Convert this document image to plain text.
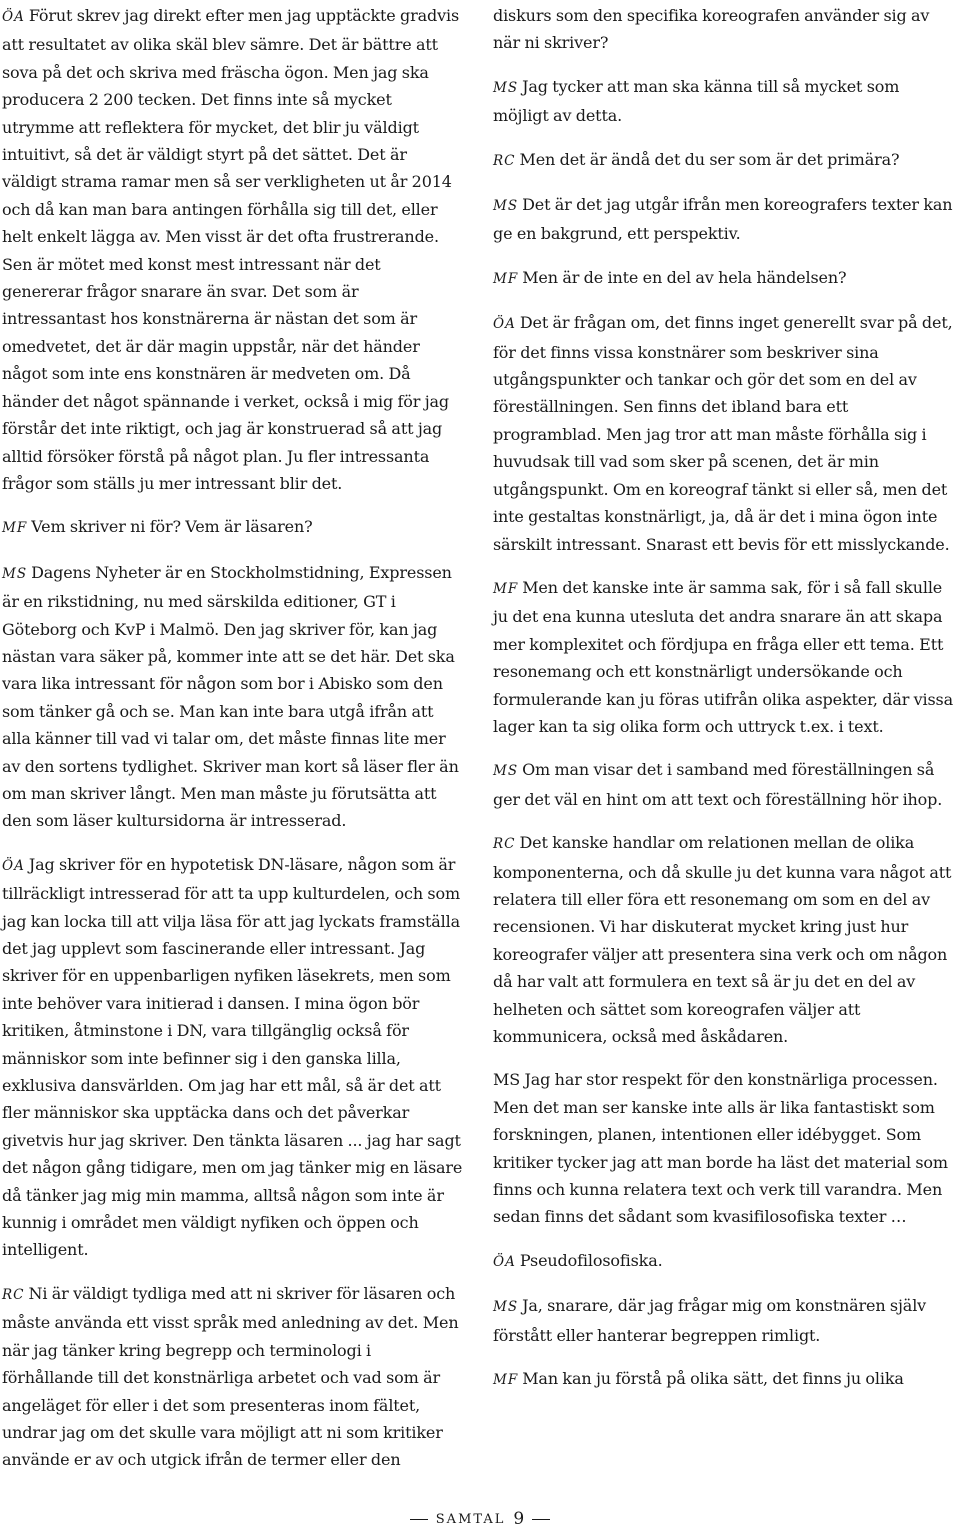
ÖA Förut skrev jag direkt efter men jag upptäckte gradvis att resultatet av olika skäl blev sämre. Det är bättre att sova på det och skriva med fräscha ögon. Men jag ska producera 2 200 tecken. Det finns inte så mycket utrymme att reflektera för mycket, det blir ju väldigt intuitivt, så det är väldigt styrt på det sättet. Det är väldigt strama ramar men så ser verkligheten ut år 2014 och då kan man bara antingen förhålla sig till det, eller helt enkelt lägga av. Men visst är det ofta frustrerande. Sen är mötet med konst mest intressant när det genererar frågor snarare än svar. Det som är intressantast hos konstnärerna är nästan det som är omedvetet, det är där magin uppstår, när det händer något som inte ens konstnären är medveten om. Då händer det något spännande i verket, också i mig för jag förstår det inte riktigt, och jag är konstruerad så att jag alltid försöker förstå på något plan. Ju fler intressanta frågor som ställs ju mer intressant blir det.

MF Vem skriver ni för? Vem är läsaren?

MS Dagens Nyheter är en Stockholmstidning, Expressen är en rikstidning, nu med särskilda editioner, GT i Göteborg och KvP i Malmö. Den jag skriver för, kan jag nästan vara säker på, kommer inte att se det här. Det ska vara lika intressant för någon som bor i Abisko som den som tänker gå och se. Man kan inte bara utgå ifrån att alla känner till vad vi talar om, det måste finnas lite mer av den sortens tydlighet. Skriver man kort så läser fler än om man skriver långt. Men man måste ju förutsätta att den som läser kultursidorna är intresserad.

ÖA Jag skriver för en hypotetisk DN-läsare, någon som är tillräckligt intresserad för att ta upp kulturdelen, och som jag kan locka till att vilja läsa för att jag lyckats framställa det jag upplevt som fascinerande eller intressant. Jag skriver för en uppenbarligen nyfiken läsekrets, men som inte behöver vara initierad i dansen. I mina ögon bör kritiken, åtminstone i DN, vara tillgänglig också för människor som inte befinner sig i den ganska lilla, exklusiva dansvärlden. Om jag har ett mål, så är det att fler människor ska upptäcka dans och det påverkar givetvis hur jag skriver. Den tänkta läsaren ... jag har sagt det någon gång tidigare, men om jag tänker mig en läsare då tänker jag mig min mamma, alltså någon som inte är kunnig i området men väldigt nyfiken och öppen och intelligent.

RC Ni är väldigt tydliga med att ni skriver för läsaren och måste använda ett visst språk med anledning av det. Men när jag tänker kring begrepp och terminologi i förhållande till det konstnärliga arbetet och vad som är angeläget för eller i det som presenteras inom fältet, undrar jag om det skulle vara möjligt att ni som kritiker använde er av och utgick ifrån de termer eller den

diskurs som den specifika koreografen använder sig av när ni skriver?

MS Jag tycker att man ska känna till så mycket som möjligt av detta.

RC Men det är ändå det du ser som är det primära?

MS Det är det jag utgår ifrån men koreografers texter kan ge en bakgrund, ett perspektiv.

MF Men är de inte en del av hela händelsen?

ÖA Det är frågan om, det finns inget generellt svar på det, för det finns vissa konstnärer som beskriver sina utgångspunkter och tankar och gör det som en del av föreställningen. Sen finns det ibland bara ett programblad. Men jag tror att man måste förhålla sig i huvudsak till vad som sker på scenen, det är min utgångspunkt. Om en koreograf tänkt si eller så, men det inte gestaltas konstnärligt, ja, då är det i mina ögon inte särskilt intressant. Snarast ett bevis för ett misslyckande.

MF Men det kanske inte är samma sak, för i så fall skulle ju det ena kunna utesluta det andra snarare än att skapa mer komplexitet och fördjupa en fråga eller ett tema. Ett resonemang och ett konstnärligt undersökande och formulerande kan ju föras utifrån olika aspekter, där vissa lager kan ta sig olika form och uttryck t.ex. i text.

MS Om man visar det i samband med föreställningen så ger det väl en hint om att text och föreställning hör ihop.

RC Det kanske handlar om relationen mellan de olika komponenterna, och då skulle ju det kunna vara något att relatera till eller föra ett resonemang om som en del av recensionen. Vi har diskuterat mycket kring just hur koreografer väljer att presentera sina verk och om någon då har valt att formulera en text så är ju det en del av helheten och sättet som koreografen väljer att kommunicera, också med åskådaren.

MS Jag har stor respekt för den konstnärliga processen. Men det man ser kanske inte alls är lika fantastiskt som forskningen, planen, intentionen eller idébygget. Som kritiker tycker jag att man borde ha läst det material som finns och kunna relatera text och verk till varandra. Men sedan finns det sådant som kvasifilosofiska texter …

ÖA Pseudofilosofiska.

MS Ja, snarare, där jag frågar mig om konstnären själv förstått eller hanterar begreppen rimligt.

MF Man kan ju förstå på olika sätt, det finns ju olika

SAMTAL 9
